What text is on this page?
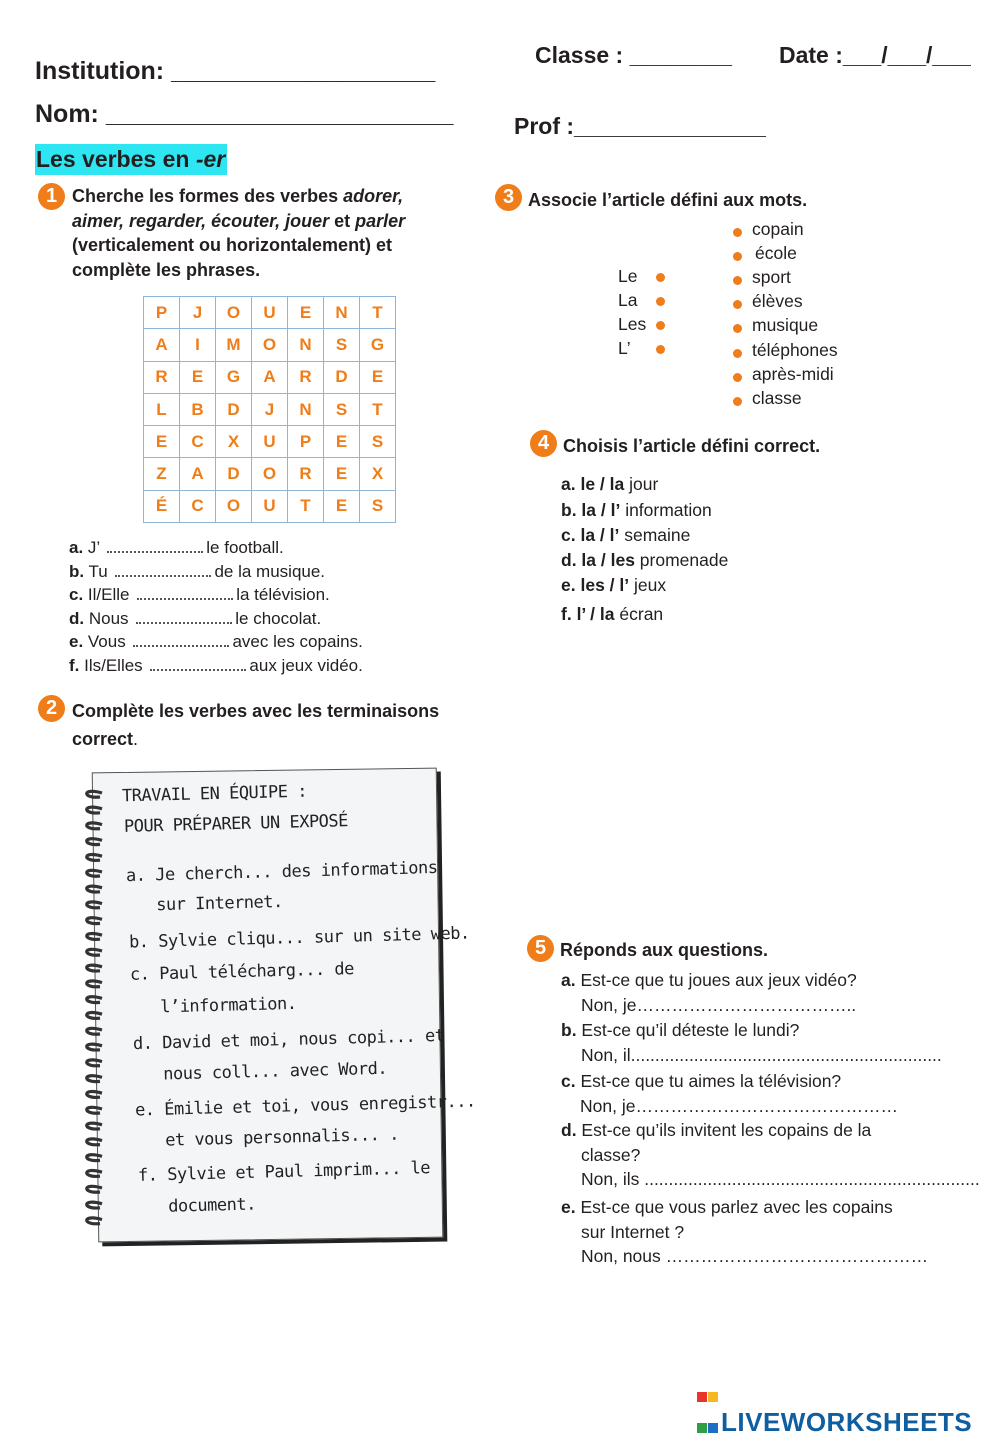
Institution: ___________________
Nom: _________________________
Classe : ________ Date :___/___/___
Prof :_______________
Les verbes en -er
1 Cherche les formes des verbes adorer, aimer, regarder, écouter, jouer et parler (verticalement ou horizontalement) et complète les phrases.
P	J	O	U	E	N	T
A	I	M	O	N	S	G
R	E	G	A	R	D	E
L	B	D	J	N	S	T
E	C	X	U	P	E	S
Z	A	D	O	R	E	X
É	C	O	U	T	E	S
a. J’	le football.
b. Tu	de la musique.
c. Il/Elle	la télévision.
d. Nous	le chocolat.
e. Vous	avec les copains.
f. Ils/Elles	aux jeux vidéo.
2 Complète les verbes avec les terminaisons
correct.
TRAVAIL EN ÉQUIPE :
POUR PRÉPARER UN EXPOSÉ
a. Je cherch... des informations
sur Internet.
b. Sylvie cliqu... sur un site web.
c. Paul télécharg... de
l’information.
d. David et moi, nous copi... et
nous coll... avec Word.
e. Émilie et toi, vous enregistr...
et vous personnalis... .
f. Sylvie et Paul imprim... le
document.
3 Associe l’article défini aux mots.
Le
La
Les
L’
copain
école
sport
élèves
musique
téléphones
après-midi
classe
4 Choisis l’article défini correct.
a. le / la jour
b. la / l’ information
c. la / l’ semaine
d. la / les promenade
e. les / l’ jeux
f. l’ / la écran
5 Réponds aux questions.
a. Est-ce que tu joues aux jeux vidéo?
Non, je………………………………..
b. Est-ce qu’il déteste le lundi?
Non, il................................................................
c. Est-ce que tu aimes la télévision?
Non, je………………………………………
d. Est-ce qu’ils invitent les copains de la
classe?
Non, ils .....................................................................
e. Est-ce que vous parlez avec les copains
sur Internet ?
Non, nous ………………………………………

LIVEWORKSHEETS
